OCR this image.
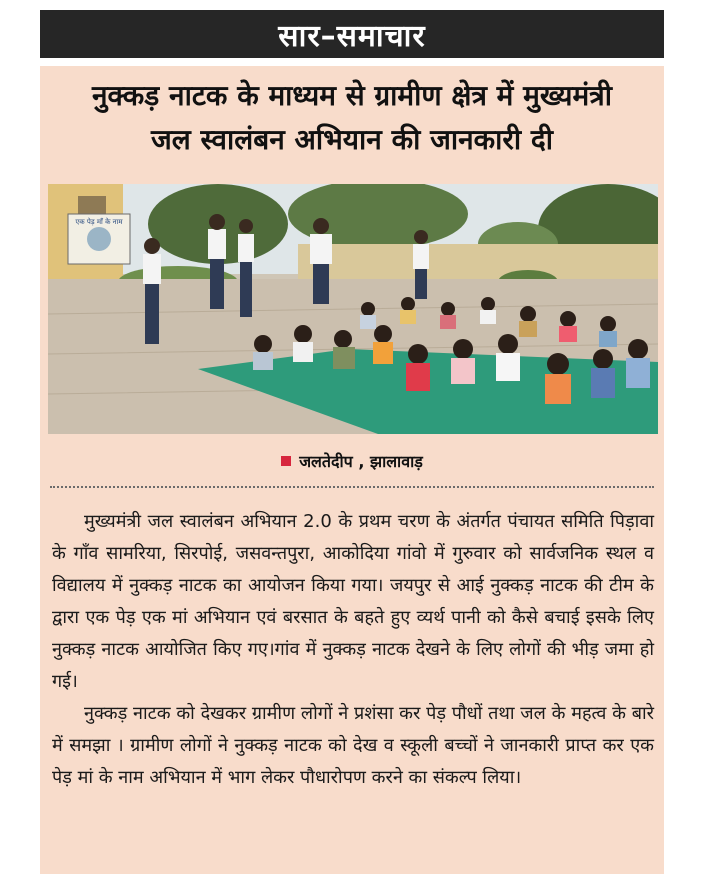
सार–समाचार
नुक्कड़ नाटक के माध्यम से ग्रामीण क्षेत्र में मुख्यमंत्री
जल स्वालंबन अभियान की जानकारी दी
एक पेड़ माँ के नाम
जलतेदीप , झालावाड़

मुख्यमंत्री जल स्वालंबन अभियान 2.0 के प्रथम चरण के अंतर्गत पंचायत समिति पिड़ावा के गाँव सामरिया, सिरपोई, जसवन्तपुरा, आकोदिया गांवो में गुरुवार को सार्वजनिक स्थल व विद्यालय में नुक्कड़ नाटक का आयोजन किया गया। जयपुर से आई नुक्कड़ नाटक की टीम के द्वारा एक पेड़ एक मां अभियान एवं बरसात के बहते हुए व्यर्थ पानी को कैसे बचाई इसके लिए नुक्कड़ नाटक आयोजित किए गए।गांव में नुक्कड़ नाटक देखने के लिए लोगों की भीड़ जमा हो गई।

नुक्कड़ नाटक को देखकर ग्रामीण लोगों ने प्रशंसा कर पेड़ पौधों तथा जल के महत्व के बारे में समझा । ग्रामीण लोगों ने नुक्कड़ नाटक को देख व स्कूली बच्चों ने जानकारी प्राप्त कर एक पेड़ मां के नाम अभियान में भाग लेकर पौधारोपण करने का संकल्प लिया।
